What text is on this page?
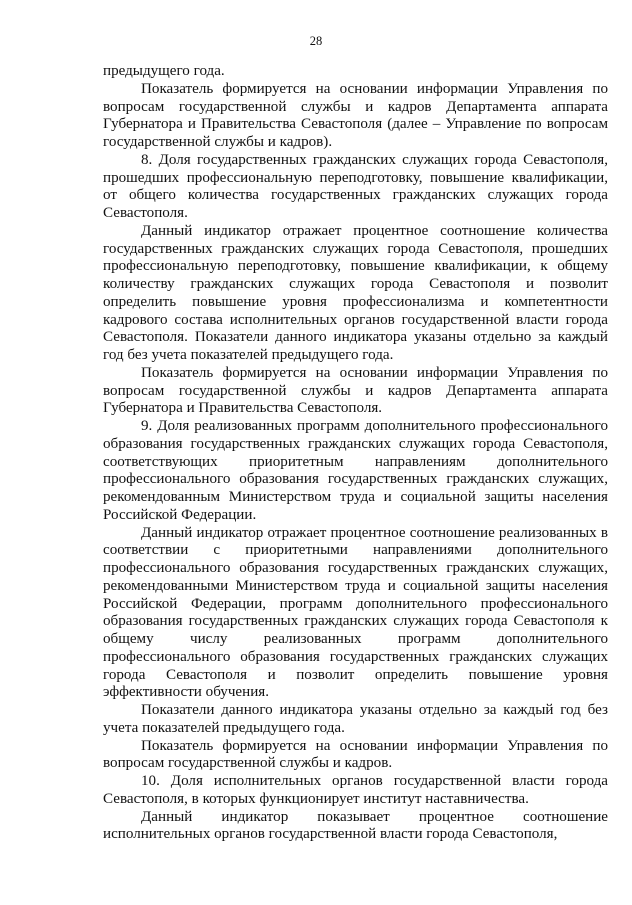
28

предыдущего года.

Показатель формируется на основании информации Управления по вопросам государственной службы и кадров Департамента аппарата Губернатора и Правительства Севастополя (далее – Управление по вопросам государственной службы и кадров).

8. Доля государственных гражданских служащих города Севастополя, прошедших профессиональную переподготовку, повышение квалификации, от общего количества государственных гражданских служащих города Севастополя.

Данный индикатор отражает процентное соотношение количества государственных гражданских служащих города Севастополя, прошедших профессиональную переподготовку, повышение квалификации, к общему количеству гражданских служащих города Севастополя и позволит определить повышение уровня профессионализма и компетентности кадрового состава исполнительных органов государственной власти города Севастополя. Показатели данного индикатора указаны отдельно за каждый год без учета показателей предыдущего года.

Показатель формируется на основании информации Управления по вопросам государственной службы и кадров Департамента аппарата Губернатора и Правительства Севастополя.

9. Доля реализованных программ дополнительного профессионального образования государственных гражданских служащих города Севастополя, соответствующих приоритетным направлениям дополнительного профессионального образования государственных гражданских служащих, рекомендованным Министерством труда и социальной защиты населения Российской Федерации.

Данный индикатор отражает процентное соотношение реализованных в соответствии с приоритетными направлениями дополнительного профессионального образования государственных гражданских служащих, рекомендованными Министерством труда и социальной защиты населения Российской Федерации, программ дополнительного профессионального образования государственных гражданских служащих города Севастополя к общему числу реализованных программ дополнительного профессионального образования государственных гражданских служащих города Севастополя и позволит определить повышение уровня эффективности обучения.

Показатели данного индикатора указаны отдельно за каждый год без учета показателей предыдущего года.

Показатель формируется на основании информации Управления по вопросам государственной службы и кадров.

10. Доля исполнительных органов государственной власти города Севастополя, в которых функционирует институт наставничества.

Данный индикатор показывает процентное соотношение исполнительных органов государственной власти города Севастополя,
